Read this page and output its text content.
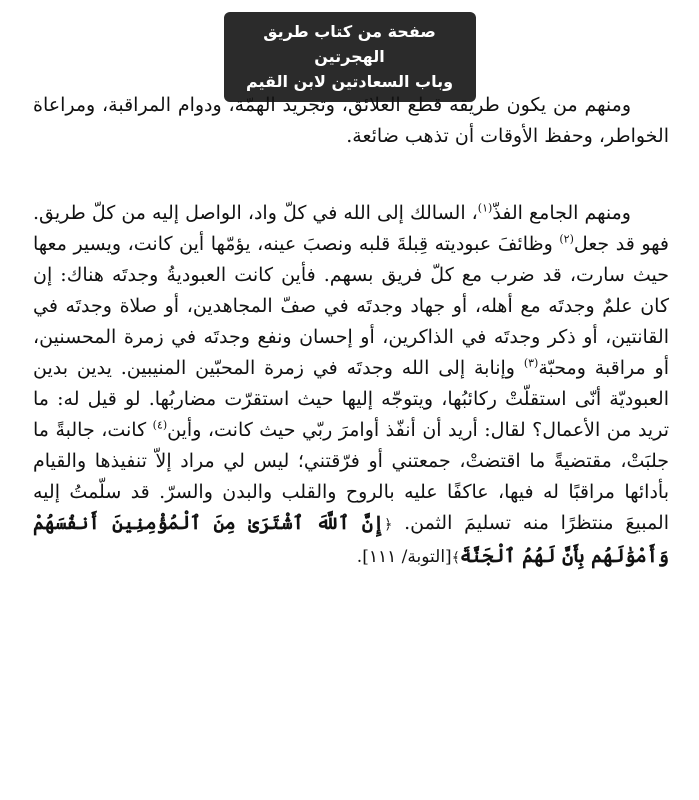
صفحة من كتاب طريق الهجرتين
وباب السعادتين لابن القيم

ومنهم من يكون طريقه قطع العلائق، وتجريد الهمّة، ودوام المراقبة، ومراعاة الخواطر، وحفظ الأوقات أن تذهب ضائعة.

ومنهم الجامع الفذّ$^{(١)}$، السالك إلى الله في كلّ واد، الواصل إليه من كلّ طريق. فهو قد جعل$^{(٢)}$ وظائفَ عبوديته قِبلةَ قلبه ونصبَ عينه، يؤمّها أين كانت، ويسير معها حيث سارت، قد ضرب مع كلّ فريق بسهم. فأين كانت العبوديةُ وجدتَه هناك: إن كان علمٌ وجدتَه مع أهله، أو جهاد وجدتَه في صفّ المجاهدين، أو صلاة وجدتَه في القانتين، أو ذكر وجدتَه في الذاكرين، أو إحسان ونفع وجدتَه في زمرة المحسنين، أو مراقبة ومحبّة$^{(٣)}$ وإنابة إلى الله وجدتَه في زمرة المحبّين المنيبين. يدين بدين العبوديّة أنّى استقلّتْ ركائبُها، ويتوجّه إليها حيث استقرّت مضاربُها. لو قيل له: ما تريد من الأعمال؟ لقال: أريد أن أنفّذ أوامرَ ربّي حيث كانت، وأين$^{(٤)}$ كانت، جالبةً ما جلبَتْ، مقتضيةً ما اقتضتْ، جمعتني أو فرّقتني؛ ليس لي مراد إلاّ تنفيذها والقيام بأدائها مراقبًا له فيها، عاكفًا عليه بالروح والقلب والبدن والسرّ. قد سلّمتُ إليه المبيعَ منتظرًا منه تسليمَ الثمن. ﴿إِنَّ ٱللَّهَ ٱشْتَرَىٰ مِنَ ٱلْمُؤْمِنِينَ أَنفُسَهُمْ وَأَمْوَٰلَهُم بِأَنَّ لَهُمُ ٱلْجَنَّةَ﴾[التوبة/ ١١١].
